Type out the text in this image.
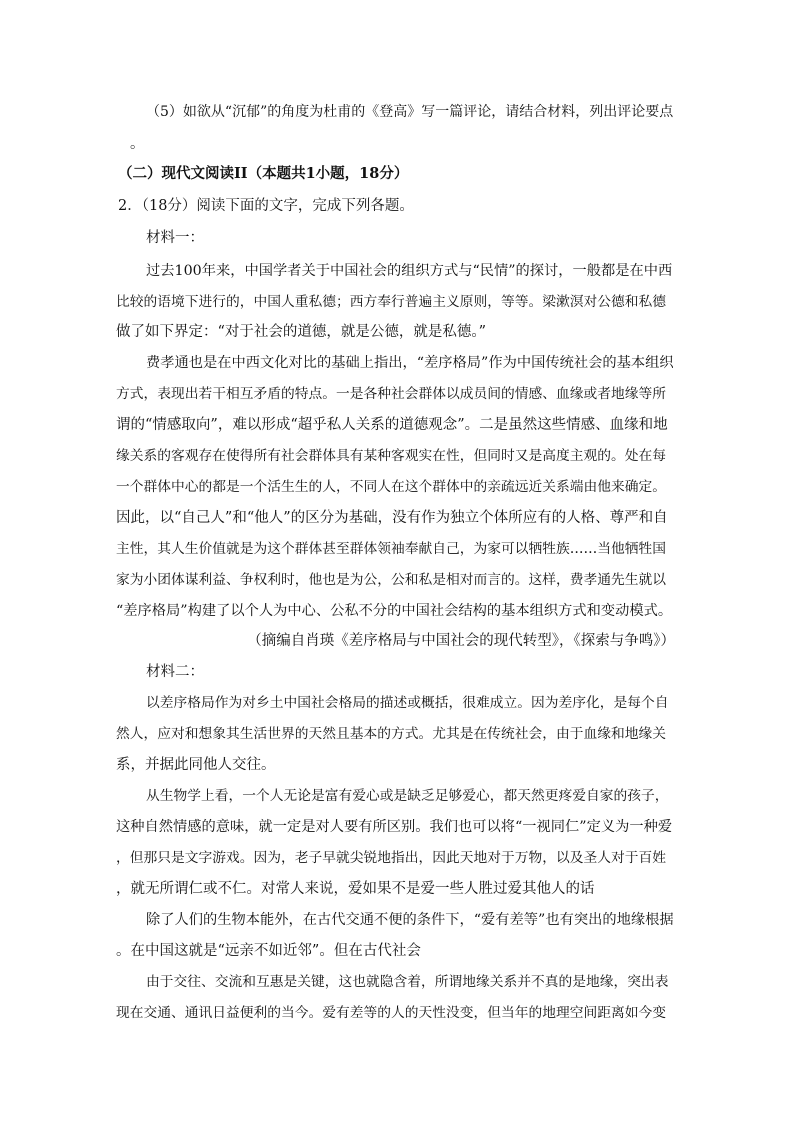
（5）如欲从“沉郁”的角度为杜甫的《登高》写一篇评论，请结合材料，列出评论要点
。
（二）现代文阅读II（本题共1小题，18分）
2．（18分）阅读下面的文字，完成下列各题。
材料一：
过去100年来，中国学者关于中国社会的组织方式与“民情”的探讨，一般都是在中西
比较的语境下进行的，中国人重私德；西方奉行普遍主义原则，等等。梁漱溟对公德和私德
做了如下界定：“对于社会的道德，就是公德，就是私德。”
费孝通也是在中西文化对比的基础上指出，“差序格局”作为中国传统社会的基本组织
方式，表现出若干相互矛盾的特点。一是各种社会群体以成员间的情感、血缘或者地缘等所
谓的“情感取向”，难以形成“超乎私人关系的道德观念”。二是虽然这些情感、血缘和地
缘关系的客观存在使得所有社会群体具有某种客观实在性，但同时又是高度主观的。处在每
一个群体中心的都是一个活生生的人，不同人在这个群体中的亲疏远近关系端由他来确定。
因此，以“自己人”和“他人”的区分为基础，没有作为独立个体所应有的人格、尊严和自
主性，其人生价值就是为这个群体甚至群体领袖奉献自己，为家可以牺牲族……当他牺牲国
家为小团体谋利益、争权利时，他也是为公，公和私是相对而言的。这样，费孝通先生就以
“差序格局”构建了以个人为中心、公私不分的中国社会结构的基本组织方式和变动模式。
（摘编自肖瑛《差序格局与中国社会的现代转型》，《探索与争鸣》）
材料二：
以差序格局作为对乡土中国社会格局的描述或概括，很难成立。因为差序化，是每个自
然人，应对和想象其生活世界的天然且基本的方式。尤其是在传统社会，由于血缘和地缘关
系，并据此同他人交往。
从生物学上看，一个人无论是富有爱心或是缺乏足够爱心，都天然更疼爱自家的孩子，
这种自然情感的意味，就一定是对人要有所区别。我们也可以将“一视同仁”定义为一种爱
，但那只是文字游戏。因为，老子早就尖锐地指出，因此天地对于万物，以及圣人对于百姓
，就无所谓仁或不仁。对常人来说，爱如果不是爱一些人胜过爱其他人的话
除了人们的生物本能外，在古代交通不便的条件下，“爱有差等”也有突出的地缘根据
。在中国这就是“远亲不如近邻”。但在古代社会
由于交往、交流和互惠是关键，这也就隐含着，所谓地缘关系并不真的是地缘，突出表
现在交通、通讯日益便利的当今。爱有差等的人的天性没变，但当年的地理空间距离如今变
